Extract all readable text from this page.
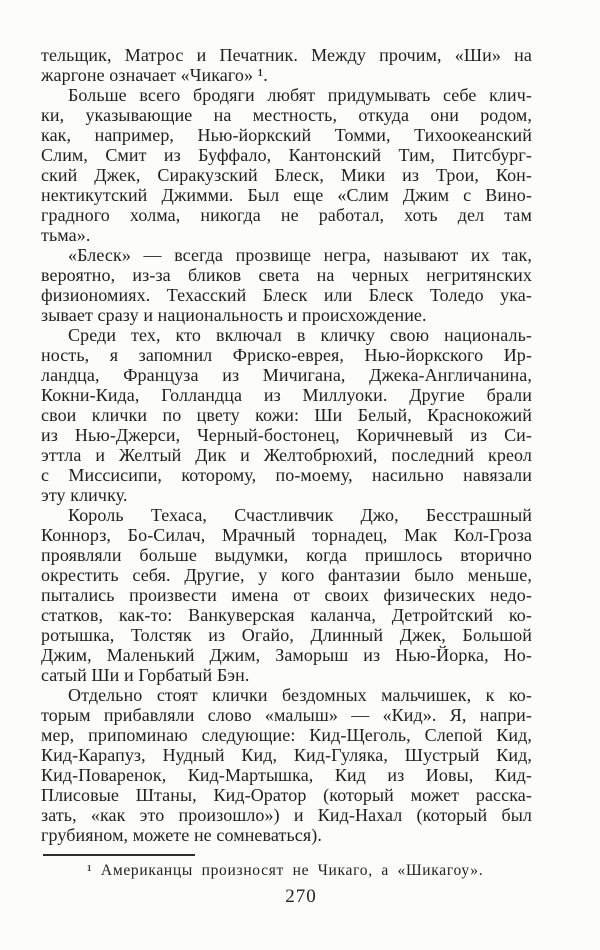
тельщик, Матрос и Печатник. Между прочим, «Ши» на
жаргоне означает «Чикаго» ¹.
Больше всего бродяги любят придумывать себе клич-
ки, указывающие на местность, откуда они родом,
как, например, Нью-йоркский Томми, Тихоокеанский
Слим, Смит из Буффало, Кантонский Тим, Питсбург-
ский Джек, Сиракузский Блеск, Мики из Трои, Кон-
нектикутский Джимми. Был еще «Слим Джим с Вино-
градного холма, никогда не работал, хоть дел там
тьма».
«Блеск» — всегда прозвище негра, называют их так,
вероятно, из-за бликов света на черных негритянских
физиономиях. Техасский Блеск или Блеск Толедо ука-
зывает сразу и национальность и происхождение.
Среди тех, кто включал в кличку свою националь-
ность, я запомнил Фриско-еврея, Нью-йоркского Ир-
ландца, Француза из Мичигана, Джека-Англичанина,
Кокни-Кида, Голландца из Миллуоки. Другие брали
свои клички по цвету кожи: Ши Белый, Краснокожий
из Нью-Джерси, Черный-бостонец, Коричневый из Си-
эттла и Желтый Дик и Желтобрюхий, последний креол
с Миссисипи, которому, по-моему, насильно навязали
эту кличку.
Король Техаса, Счастливчик Джо, Бесстрашный
Коннорз, Бо-Силач, Мрачный торнадец, Мак Кол-Гроза
проявляли больше выдумки, когда пришлось вторично
окрестить себя. Другие, у кого фантазии было меньше,
пытались произвести имена от своих физических недо-
статков, как-то: Ванкуверская каланча, Детройтский ко-
ротышка, Толстяк из Огайо, Длинный Джек, Большой
Джим, Маленький Джим, Заморыш из Нью-Йорка, Но-
сатый Ши и Горбатый Бэн.
Отдельно стоят клички бездомных мальчишек, к ко-
торым прибавляли слово «малыш» — «Кид». Я, напри-
мер, припоминаю следующие: Кид-Щеголь, Слепой Кид,
Кид-Карапуз, Нудный Кид, Кид-Гуляка, Шустрый Кид,
Кид-Поваренок, Кид-Мартышка, Кид из Иовы, Кид-
Плисовые Штаны, Кид-Оратор (который может расска-
зать, «как это произошло») и Кид-Нахал (который был
грубияном, можете не сомневаться).
¹ Американцы произносят не Чикаго, а «Шикагоу».
270
